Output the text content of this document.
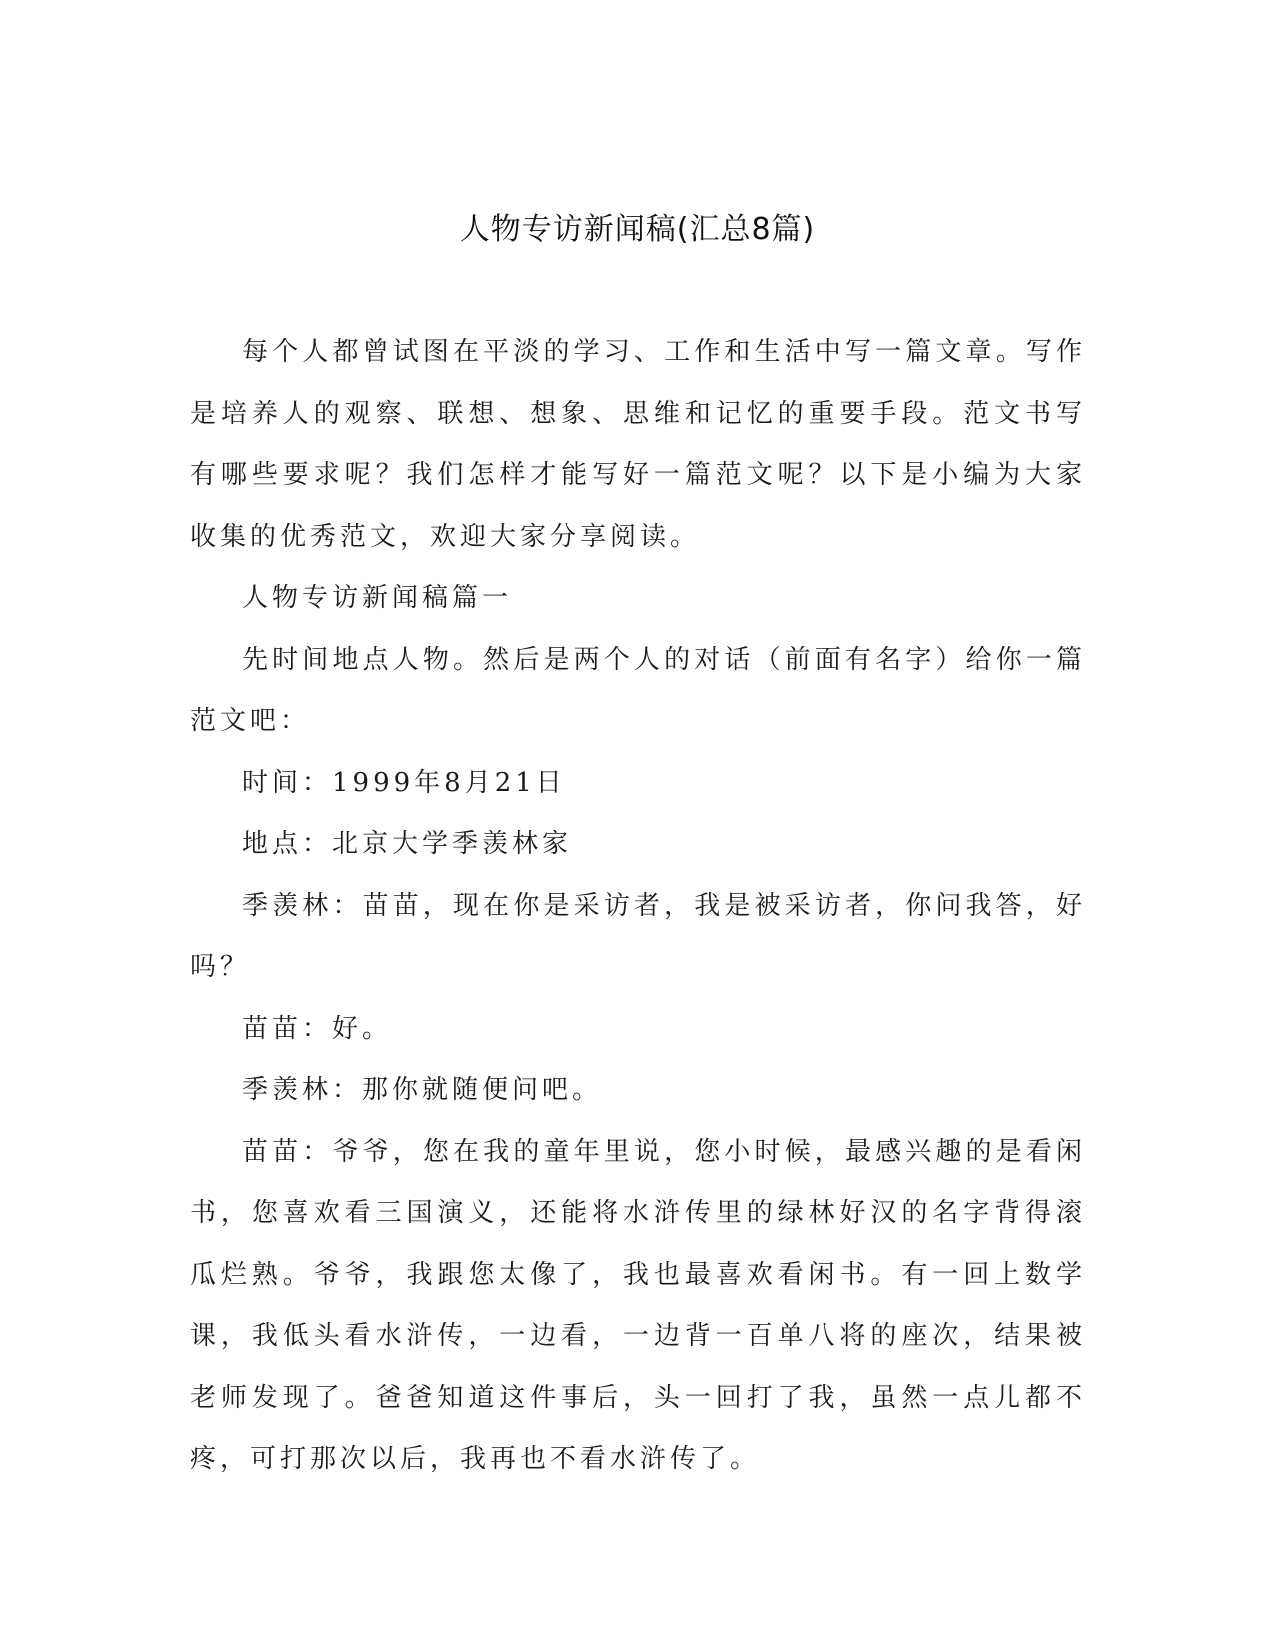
人物专访新闻稿(汇总8篇)

每个人都曾试图在平淡的学习、工作和生活中写一篇文章。写作是培养人的观察、联想、想象、思维和记忆的重要手段。范文书写有哪些要求呢？我们怎样才能写好一篇范文呢？以下是小编为大家收集的优秀范文，欢迎大家分享阅读。

人物专访新闻稿篇一

先时间地点人物。然后是两个人的对话（前面有名字）给你一篇范文吧：

时间：1999年8月21日

地点：北京大学季羡林家

季羡林：苗苗，现在你是采访者，我是被采访者，你问我答，好吗？

苗苗：好。

季羡林：那你就随便问吧。

苗苗：爷爷，您在我的童年里说，您小时候，最感兴趣的是看闲书，您喜欢看三国演义，还能将水浒传里的绿林好汉的名字背得滚瓜烂熟。爷爷，我跟您太像了，我也最喜欢看闲书。有一回上数学课，我低头看水浒传，一边看，一边背一百单八将的座次，结果被老师发现了。爸爸知道这件事后，头一回打了我，虽然一点儿都不疼，可打那次以后，我再也不看水浒传了。
